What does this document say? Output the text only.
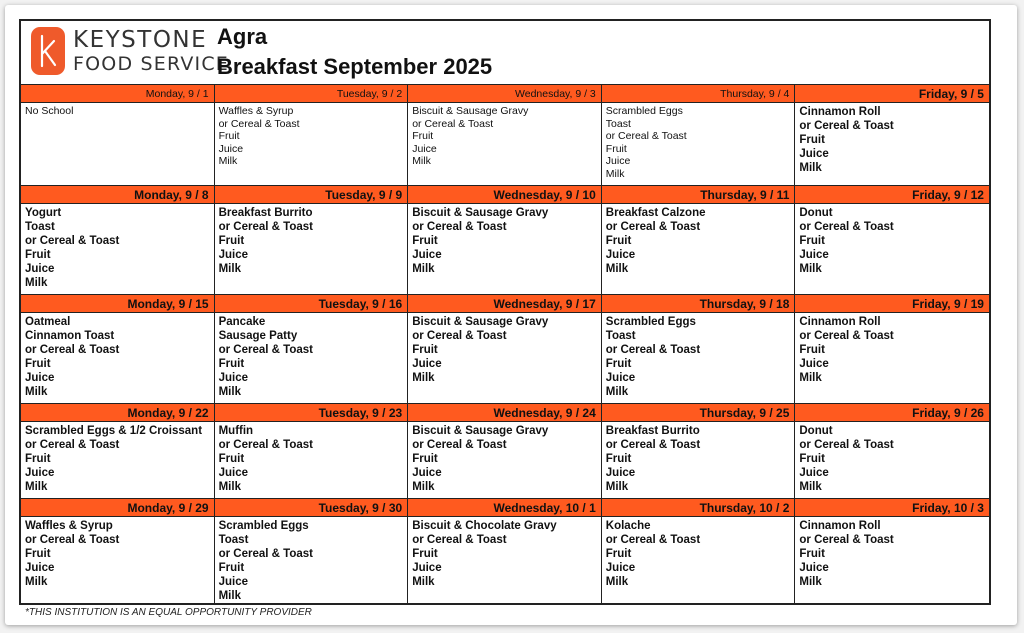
KEYSTONE
FOOD SERVICE
Agra
Breakfast September 2025
Monday, 9 / 1
No School
Tuesday, 9 / 2
Waffles & Syrup
or Cereal & Toast
Fruit
Juice
Milk
Wednesday, 9 / 3
Biscuit & Sausage Gravy
or Cereal & Toast
Fruit
Juice
Milk
Thursday, 9 / 4
Scrambled Eggs
Toast
or Cereal & Toast
Fruit
Juice
Milk
Friday, 9 / 5
Cinnamon Roll
or Cereal & Toast
Fruit
Juice
Milk
Monday, 9 / 8
Yogurt
Toast
or Cereal & Toast
Fruit
Juice
Milk
Tuesday, 9 / 9
Breakfast Burrito
or Cereal & Toast
Fruit
Juice
Milk
Wednesday, 9 / 10
Biscuit & Sausage Gravy
or Cereal & Toast
Fruit
Juice
Milk
Thursday, 9 / 11
Breakfast Calzone
or Cereal & Toast
Fruit
Juice
Milk
Friday, 9 / 12
Donut
or Cereal & Toast
Fruit
Juice
Milk
Monday, 9 / 15
Oatmeal
Cinnamon Toast
or Cereal & Toast
Fruit
Juice
Milk
Tuesday, 9 / 16
Pancake
Sausage Patty
or Cereal & Toast
Fruit
Juice
Milk
Wednesday, 9 / 17
Biscuit & Sausage Gravy
or Cereal & Toast
Fruit
Juice
Milk
Thursday, 9 / 18
Scrambled Eggs
Toast
or Cereal & Toast
Fruit
Juice
Milk
Friday, 9 / 19
Cinnamon Roll
or Cereal & Toast
Fruit
Juice
Milk
Monday, 9 / 22
Scrambled Eggs & 1/2 Croissant
or Cereal & Toast
Fruit
Juice
Milk
Tuesday, 9 / 23
Muffin
or Cereal & Toast
Fruit
Juice
Milk
Wednesday, 9 / 24
Biscuit & Sausage Gravy
or Cereal & Toast
Fruit
Juice
Milk
Thursday, 9 / 25
Breakfast Burrito
or Cereal & Toast
Fruit
Juice
Milk
Friday, 9 / 26
Donut
or Cereal & Toast
Fruit
Juice
Milk
Monday, 9 / 29
Waffles & Syrup
or Cereal & Toast
Fruit
Juice
Milk
Tuesday, 9 / 30
Scrambled Eggs
Toast
or Cereal & Toast
Fruit
Juice
Milk
Wednesday, 10 / 1
Biscuit & Chocolate Gravy
or Cereal & Toast
Fruit
Juice
Milk
Thursday, 10 / 2
Kolache
or Cereal & Toast
Fruit
Juice
Milk
Friday, 10 / 3
Cinnamon Roll
or Cereal & Toast
Fruit
Juice
Milk
*THIS INSTITUTION IS AN EQUAL OPPORTUNITY PROVIDER
